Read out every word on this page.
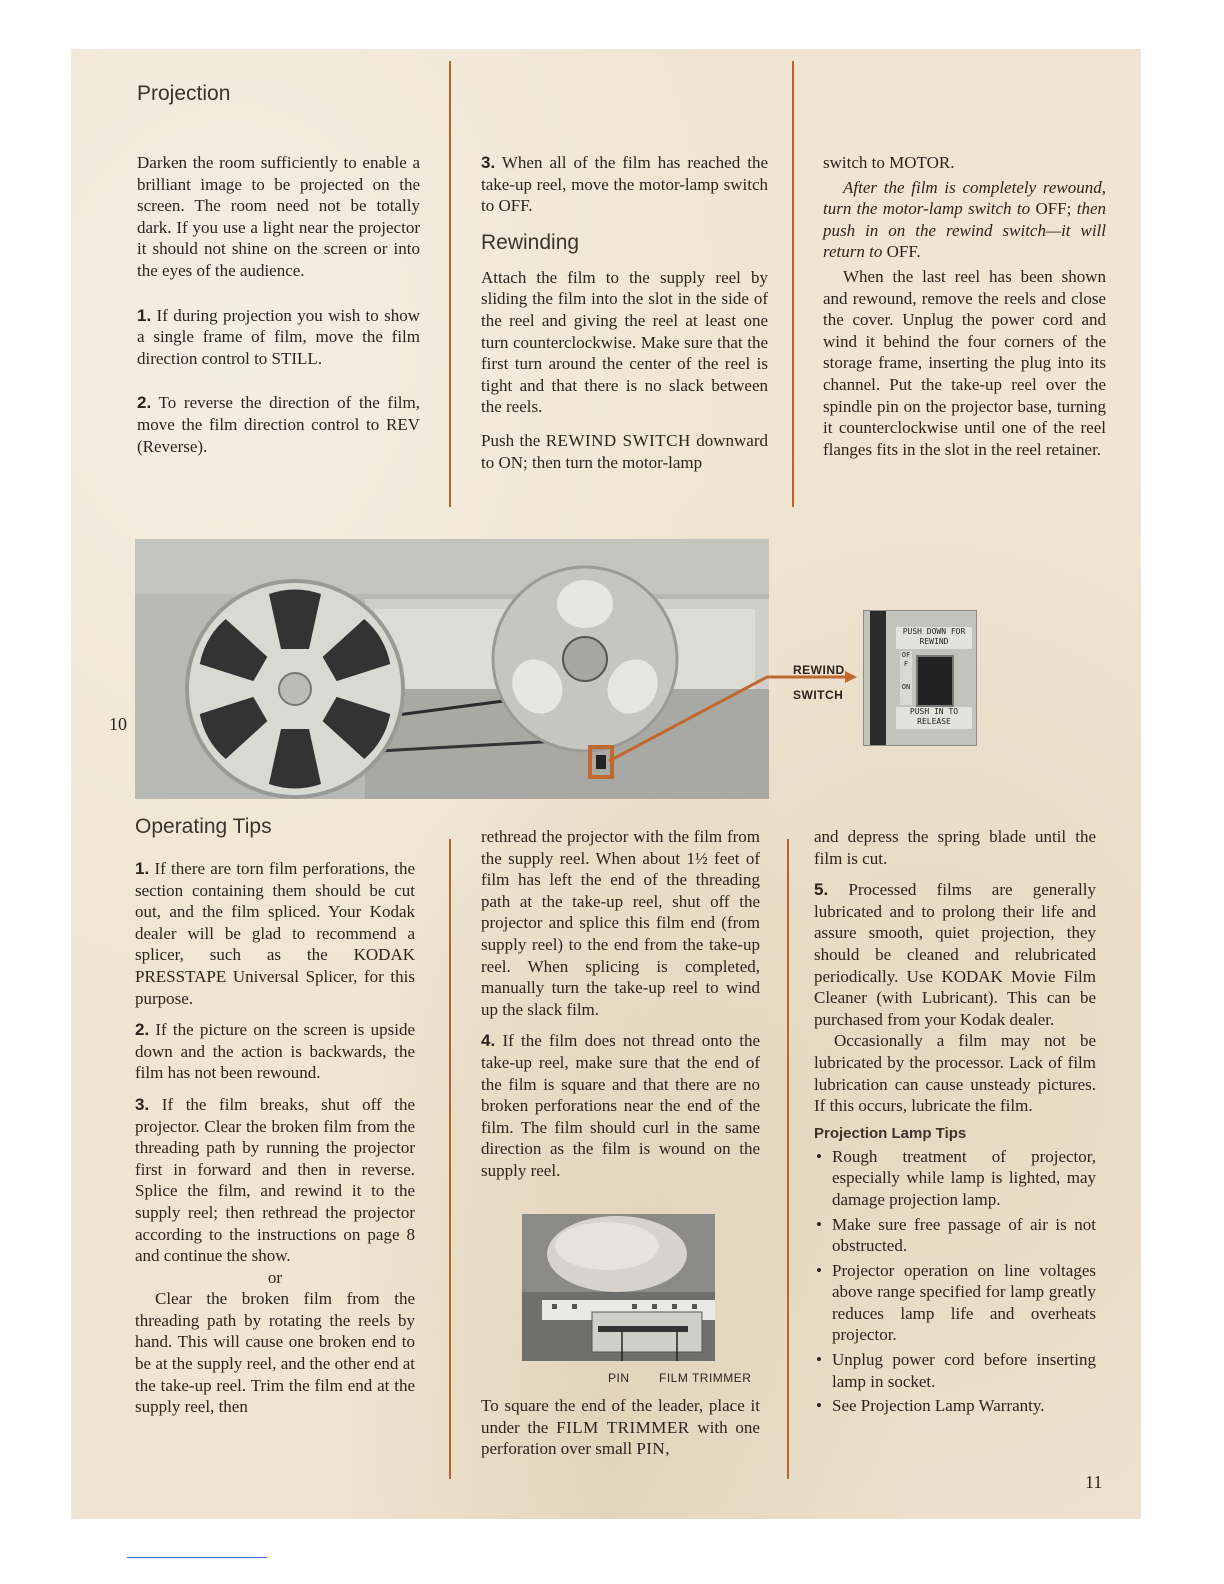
Projection

Darken the room sufficiently to enable a brilliant image to be projected on the screen. The room need not be totally dark. If you use a light near the projector it should not shine on the screen or into the eyes of the audience.

1. If during projection you wish to show a single frame of film, move the film direction control to STILL.

2. To reverse the direction of the film, move the film direction control to REV (Reverse).

3. When all of the film has reached the take-up reel, move the motor-lamp switch to OFF.

Rewinding

Attach the film to the supply reel by sliding the film into the slot in the side of the reel and giving the reel at least one turn counterclockwise. Make sure that the first turn around the center of the reel is tight and that there is no slack between the reels.

Push the REWIND SWITCH downward to ON; then turn the motor-lamp

switch to MOTOR.

After the film is completely rewound, turn the motor-lamp switch to OFF; then push in on the rewind switch—it will return to OFF.

When the last reel has been shown and rewound, remove the reels and close the cover. Unplug the power cord and wind it behind the four corners of the storage frame, inserting the plug into its channel. Put the take-up reel over the spindle pin on the projector base, turning it counterclockwise until one of the reel flanges fits in the slot in the reel retainer.

REWIND
SWITCH
PUSH DOWN FOR REWIND
OFF
ON
PUSH IN TO RELEASE
10
Operating Tips

1. If there are torn film perforations, the section containing them should be cut out, and the film spliced. Your Kodak dealer will be glad to recommend a splicer, such as the KODAK PRESSTAPE Universal Splicer, for this purpose.

2. If the picture on the screen is upside down and the action is backwards, the film has not been rewound.

3. If the film breaks, shut off the projector. Clear the broken film from the threading path by running the projector first in forward and then in reverse. Splice the film, and rewind it to the supply reel; then rethread the projector according to the instructions on page 8 and continue the show.

or

Clear the broken film from the threading path by rotating the reels by hand. This will cause one broken end to be at the supply reel, and the other end at the take-up reel. Trim the film end at the supply reel, then

rethread the projector with the film from the supply reel. When about 1½ feet of film has left the end of the threading path at the take-up reel, shut off the projector and splice this film end (from supply reel) to the end from the take-up reel. When splicing is completed, manually turn the take-up reel to wind up the slack film.

4. If the film does not thread onto the take-up reel, make sure that the end of the film is square and that there are no broken perforations near the end of the film. The film should curl in the same direction as the film is wound on the supply reel.

PIN FILM TRIMMER

To square the end of the leader, place it under the FILM TRIMMER with one perforation over small PIN,

and depress the spring blade until the film is cut.

5. Processed films are generally lubricated and to prolong their life and assure smooth, quiet projection, they should be cleaned and relubricated periodically. Use KODAK Movie Film Cleaner (with Lubricant). This can be purchased from your Kodak dealer.

Occasionally a film may not be lubricated by the processor. Lack of film lubrication can cause unsteady pictures. If this occurs, lubricate the film.

Projection Lamp Tips
• Rough treatment of projector, especially while lamp is lighted, may damage projection lamp.
• Make sure free passage of air is not obstructed.
• Projector operation on line voltages above range specified for lamp greatly reduces lamp life and overheats projector.
• Unplug power cord before inserting lamp in socket.
• See Projection Lamp Warranty.
11
